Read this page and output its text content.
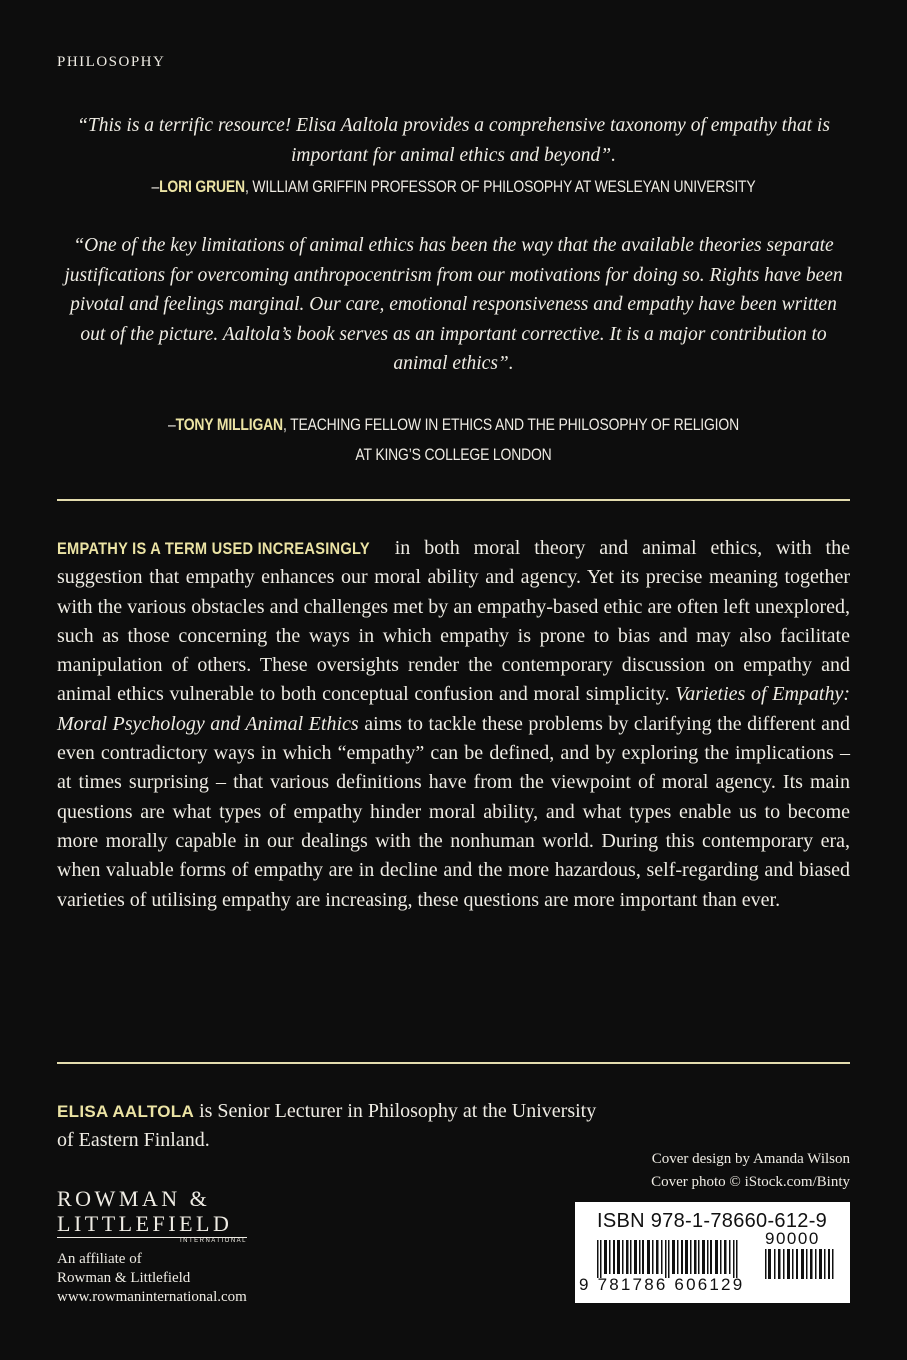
PHILOSOPHY
“This is a terrific resource! Elisa Aaltola provides a comprehensive taxonomy of empathy that is important for animal ethics and beyond”.
–LORI GRUEN, WILLIAM GRIFFIN PROFESSOR OF PHILOSOPHY AT WESLEYAN UNIVERSITY
“One of the key limitations of animal ethics has been the way that the available theories separate justifications for overcoming anthropocentrism from our motivations for doing so. Rights have been pivotal and feelings marginal. Our care, emotional responsiveness and empathy have been written out of the picture. Aaltola’s book serves as an important corrective. It is a major contribution to animal ethics”.
–TONY MILLIGAN, TEACHING FELLOW IN ETHICS AND THE PHILOSOPHY OF RELIGION
AT KING’S COLLEGE LONDON
EMPATHY IS A TERM USED INCREASINGLY in both moral theory and animal ethics, with the suggestion that empathy enhances our moral ability and agency. Yet its precise meaning together with the various obstacles and challenges met by an empathy-based ethic are often left unexplored, such as those concerning the ways in which empathy is prone to bias and may also facilitate manipulation of others. These oversights render the contemporary discussion on empathy and animal ethics vulnerable to both conceptual confusion and moral simplicity. Varieties of Empathy: Moral Psychology and Animal Ethics aims to tackle these problems by clarifying the different and even contradictory ways in which “empathy” can be defined, and by exploring the implications – at times surprising – that various definitions have from the viewpoint of moral agency. Its main questions are what types of empathy hinder moral ability, and what types enable us to become more morally capable in our dealings with the nonhuman world. During this contemporary era, when valuable forms of empathy are in decline and the more hazardous, self-regarding and biased varieties of utilising empathy are increasing, these questions are more important than ever.
ELISA AALTOLA is Senior Lecturer in Philosophy at the University of Eastern Finland.
Cover design by Amanda Wilson
Cover photo © iStock.com/Binty
ROWMAN &
LITTLEFIELD
INTERNATIONAL
An affiliate of
Rowman & Littlefield
www.rowmaninternational.com
ISBN 978-1-78660-612-9
90000
9 781786 606129
